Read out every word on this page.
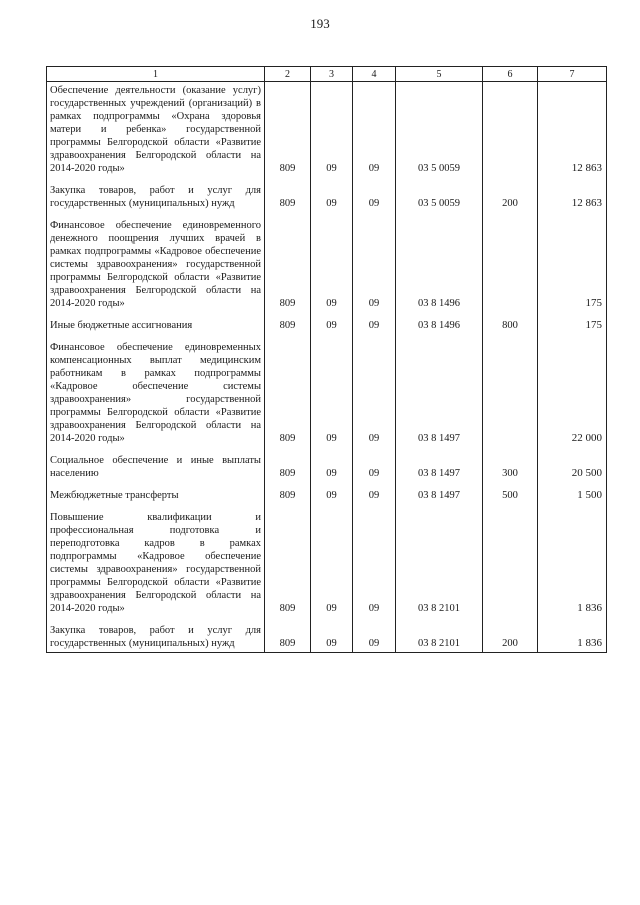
193
1	2	3	4	5	6	7
Обеспечение деятельности (оказание услуг) государственных учреждений (организаций) в рамках подпрограммы «Охрана здоровья матери и ребенка» государственной программы Белгородской области «Развитие здравоохранения Белгородской области на 2014-2020 годы»	809	09	09	03 5 0059		12 863
Закупка товаров, работ и услуг для государственных (муниципальных) нужд	809	09	09	03 5 0059	200	12 863
Финансовое обеспечение единовременного денежного поощрения лучших врачей в рамках подпрограммы «Кадровое обеспечение системы здравоохранения» государственной программы Белгородской области «Развитие здравоохранения Белгородской области на 2014-2020 годы»	809	09	09	03 8 1496		175
Иные бюджетные ассигнования	809	09	09	03 8 1496	800	175
Финансовое обеспечение единовременных компенсационных выплат медицинским работникам в рамках подпрограммы «Кадровое обеспечение системы здравоохранения» государственной программы Белгородской области «Развитие здравоохранения Белгородской области на 2014-2020 годы»	809	09	09	03 8 1497		22 000
Социальное обеспечение и иные выплаты населению	809	09	09	03 8 1497	300	20 500
Межбюджетные трансферты	809	09	09	03 8 1497	500	1 500
Повышение квалификации и профессиональная подготовка и переподготовка кадров в рамках подпрограммы «Кадровое обеспечение системы здравоохранения» государственной программы Белгородской области «Развитие здравоохранения Белгородской области на 2014-2020 годы»	809	09	09	03 8 2101		1 836
Закупка товаров, работ и услуг для государственных (муниципальных) нужд	809	09	09	03 8 2101	200	1 836
